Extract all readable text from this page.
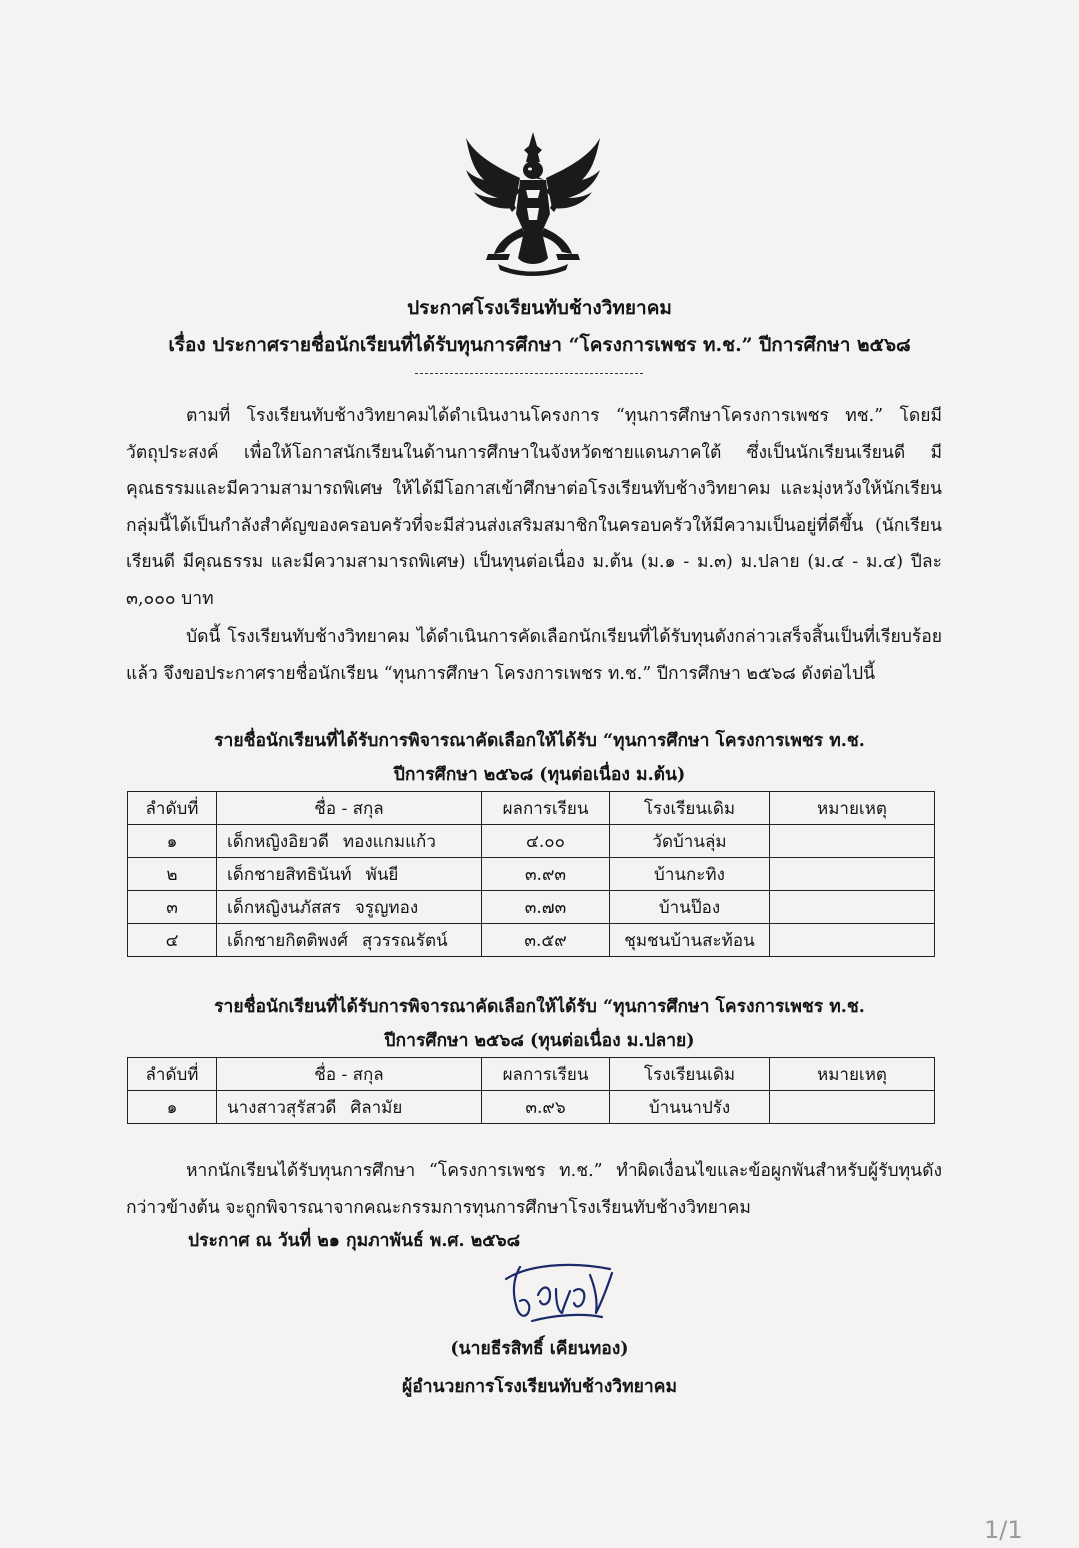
ประกาศโรงเรียนทับช้างวิทยาคม
เรื่อง ประกาศรายชื่อนักเรียนที่ได้รับทุนการศึกษา “โครงการเพชร ท.ช.” ปีการศึกษา ๒๕๖๘

ตามที่ โรงเรียนทับช้างวิทยาคมได้ดำเนินงานโครงการ “ทุนการศึกษาโครงการเพชร ทช.” โดยมีวัตถุประสงค์ เพื่อให้โอกาสนักเรียนในด้านการศึกษาในจังหวัดชายแดนภาคใต้ ซึ่งเป็นนักเรียนเรียนดี มีคุณธรรมและมีความสามารถพิเศษ ให้ได้มีโอกาสเข้าศึกษาต่อโรงเรียนทับช้างวิทยาคม และมุ่งหวังให้นักเรียนกลุ่มนี้ได้เป็นกำลังสำคัญของครอบครัวที่จะมีส่วนส่งเสริมสมาชิกในครอบครัวให้มีความเป็นอยู่ที่ดีขึ้น (นักเรียนเรียนดี มีคุณธรรม และมีความสามารถพิเศษ) เป็นทุนต่อเนื่อง ม.ต้น (ม.๑ - ม.๓) ม.ปลาย (ม.๔ - ม.๔) ปีละ ๓,๐๐๐ บาท

บัดนี้ โรงเรียนทับช้างวิทยาคม ได้ดำเนินการคัดเลือกนักเรียนที่ได้รับทุนดังกล่าวเสร็จสิ้นเป็นที่เรียบร้อยแล้ว จึงขอประกาศรายชื่อนักเรียน “ทุนการศึกษา โครงการเพชร ท.ช.” ปีการศึกษา ๒๕๖๘ ดังต่อไปนี้

รายชื่อนักเรียนที่ได้รับการพิจารณาคัดเลือกให้ได้รับ “ทุนการศึกษา โครงการเพชร ท.ช.
ปีการศึกษา ๒๕๖๘ (ทุนต่อเนื่อง ม.ต้น)
ลำดับที่	ชื่อ - สกุล	ผลการเรียน	โรงเรียนเดิม	หมายเหตุ
๑	เด็กหญิงอิยวดี ทองแกมแก้ว	๔.๐๐	วัดบ้านลุ่ม	
๒	เด็กชายสิทธินันท์ พันยี	๓.๙๓	บ้านกะทิง	
๓	เด็กหญิงนภัสสร จรูญทอง	๓.๗๓	บ้านป๊อง	
๔	เด็กชายกิตติพงศ์ สุวรรณรัตน์	๓.๕๙	ชุมชนบ้านสะท้อน	
รายชื่อนักเรียนที่ได้รับการพิจารณาคัดเลือกให้ได้รับ “ทุนการศึกษา โครงการเพชร ท.ช.
ปีการศึกษา ๒๕๖๘ (ทุนต่อเนื่อง ม.ปลาย)
ลำดับที่	ชื่อ - สกุล	ผลการเรียน	โรงเรียนเดิม	หมายเหตุ
๑	นางสาวสุรัสวดี ศิลามัย	๓.๙๖	บ้านนาปรัง	

หากนักเรียนได้รับทุนการศึกษา “โครงการเพชร ท.ช.” ทำผิดเงื่อนไขและข้อผูกพันสำหรับผู้รับทุนดังกว่าวข้างต้น จะถูกพิจารณาจากคณะกรรมการทุนการศึกษาโรงเรียนทับช้างวิทยาคม

ประกาศ ณ วันที่ ๒๑ กุมภาพันธ์ พ.ศ. ๒๕๖๘
(นายธีรสิทธิ์ เคียนทอง)
ผู้อำนวยการโรงเรียนทับช้างวิทยาคม
1/1
